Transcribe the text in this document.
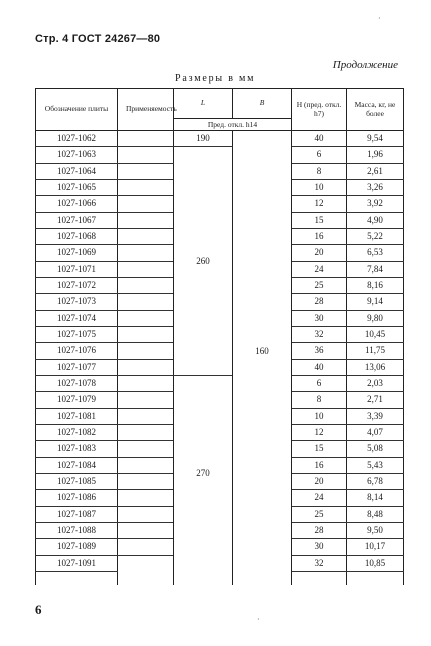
Стр. 4 ГОСТ 24267—80
Продолжение
Размеры в мм
·
·
Обозначение плиты	Применяемость	L	B	H (пред. откл. h7)	Масса, кг, не более
		Пред. откл. h14			
1027-1062		190	160	40	9,54
1027-1063		260		6	1,96
1027-1064				8	2,61
1027-1065				10	3,26
1027-1066				12	3,92
1027-1067				15	4,90
1027-1068				16	5,22
1027-1069				20	6,53
1027-1071				24	7,84
1027-1072				25	8,16
1027-1073				28	9,14
1027-1074				30	9,80
1027-1075				32	10,45
1027-1076				36	11,75
1027-1077				40	13,06
1027-1078		270		6	2,03
1027-1079				8	2,71
1027-1081				10	3,39
1027-1082				12	4,07
1027-1083				15	5,08
1027-1084				16	5,43
1027-1085				20	6,78
1027-1086				24	8,14
1027-1087				25	8,48
1027-1088				28	9,50
1027-1089				30	10,17
1027-1091				32	10,85

6
